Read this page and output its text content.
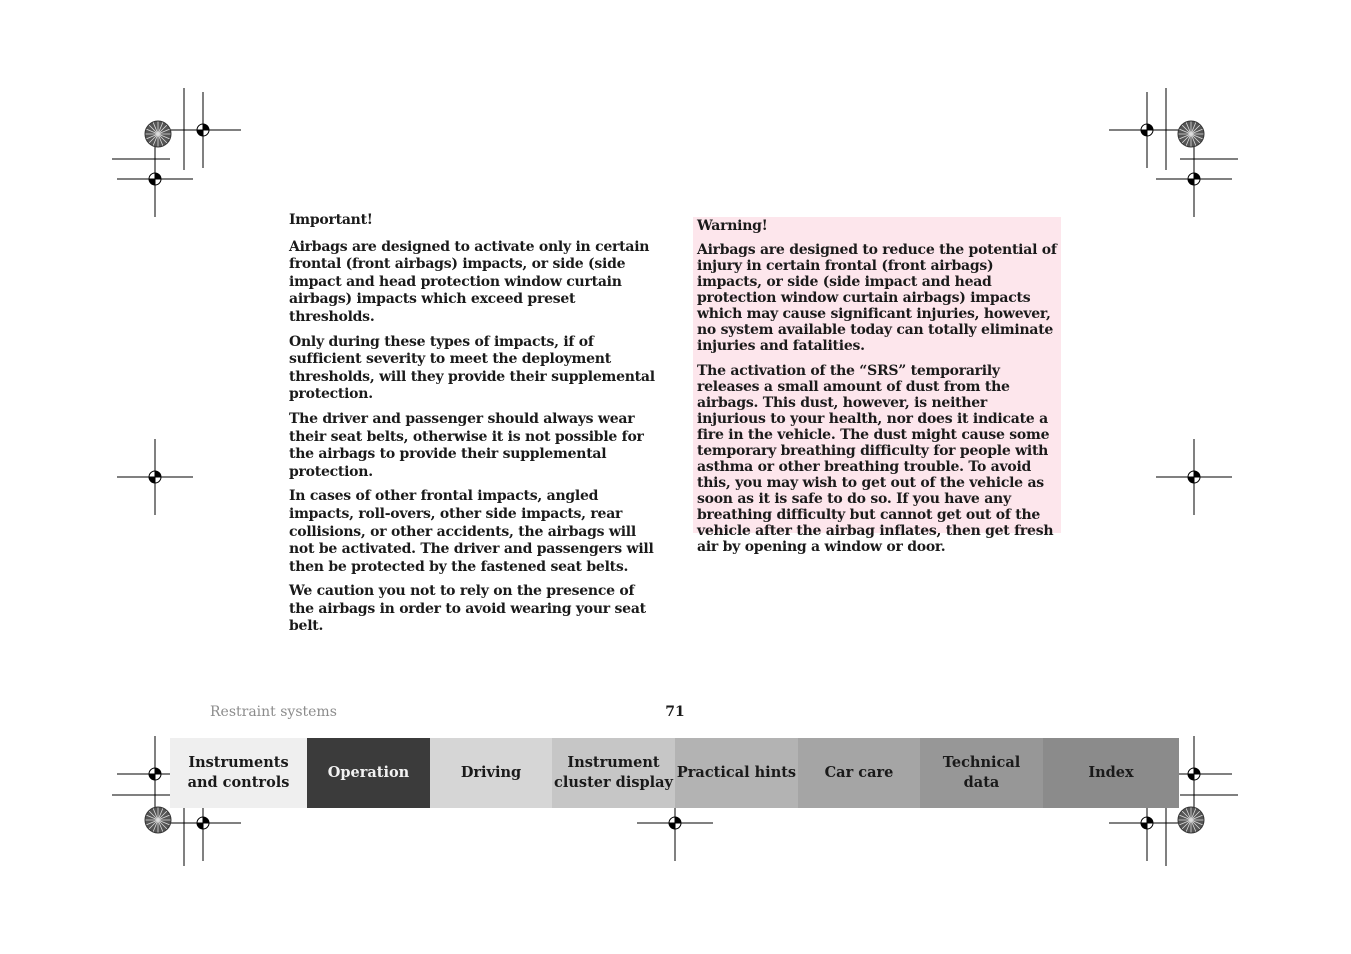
Important!

Airbags are designed to activate only in certain frontal (front airbags) impacts, or side (side impact and head protection window curtain airbags) impacts which exceed preset thresholds.

Only during these types of impacts, if of sufficient severity to meet the deployment thresholds, will they provide their supplemental protection.

The driver and passenger should always wear their seat belts, otherwise it is not possible for the airbags to provide their supplemental protection.

In cases of other frontal impacts, angled impacts, roll-overs, other side impacts, rear collisions, or other accidents, the airbags will not be activated. The driver and passengers will then be protected by the fastened seat belts.

We caution you not to rely on the presence of the airbags in order to avoid wearing your seat belt.

Warning!

Airbags are designed to reduce the potential of injury in certain frontal (front airbags) impacts, or side (side impact and head protection window curtain airbags) impacts which may cause significant injuries, however, no system available today can totally eliminate injuries and fatalities.

The activation of the “SRS” temporarily releases a small amount of dust from the airbags. This dust, however, is neither injurious to your health, nor does it indicate a fire in the vehicle. The dust might cause some temporary breathing difficulty for people with asthma or other breathing trouble. To avoid this, you may wish to get out of the vehicle as soon as it is safe to do so. If you have any breathing difficulty but cannot get out of the vehicle after the airbag inflates, then get fresh air by opening a window or door.

Restraint systems	71
Instruments
and controls
Operation	Driving
Instrument
cluster display
Practical hints	Car care
Technical
data
Index
